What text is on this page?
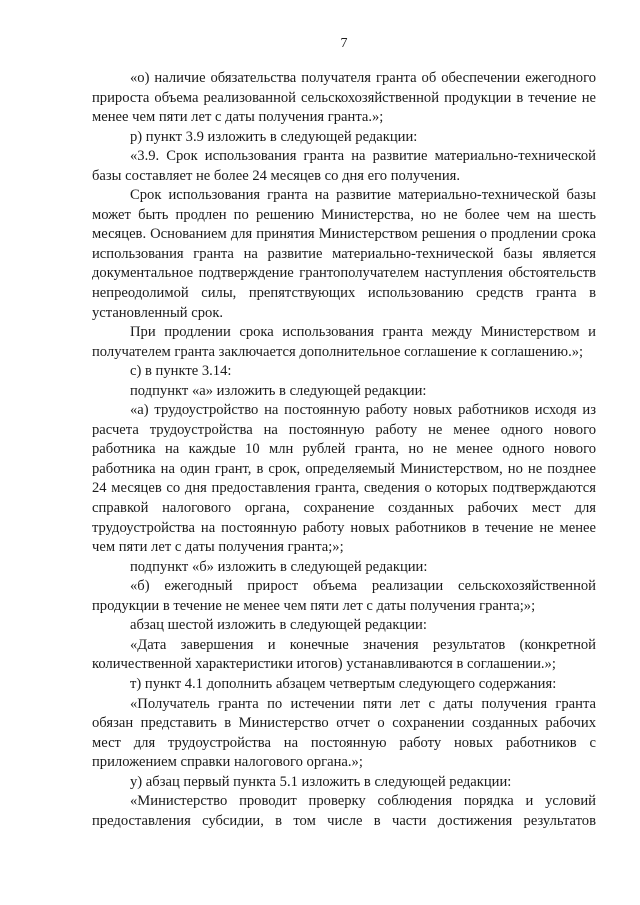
7

«о) наличие обязательства получателя гранта об обеспечении ежегодного прироста объема реализованной сельскохозяйственной продукции в течение не менее чем пяти лет с даты получения гранта.»;

р) пункт 3.9 изложить в следующей редакции:

«3.9. Срок использования гранта на развитие материально-технической базы составляет не более 24 месяцев со дня его получения.

Срок использования гранта на развитие материально-технической базы может быть продлен по решению Министерства, но не более чем на шесть месяцев. Основанием для принятия Министерством решения о продлении срока использования гранта на развитие материально-технической базы является документальное подтверждение грантополучателем наступления обстоятельств непреодолимой силы, препятствующих использованию средств гранта в установленный срок.

При продлении срока использования гранта между Министерством и получателем гранта заключается дополнительное соглашение к соглашению.»;

с) в пункте 3.14:

подпункт «а» изложить в следующей редакции:

«а) трудоустройство на постоянную работу новых работников исходя из расчета трудоустройства на постоянную работу не менее одного нового работника на каждые 10 млн рублей гранта, но не менее одного нового работника на один грант, в срок, определяемый Министерством, но не позднее 24 месяцев со дня предоставления гранта, сведения о которых подтверждаются справкой налогового органа, сохранение созданных рабочих мест для трудоустройства на постоянную работу новых работников в течение не менее чем пяти лет с даты получения гранта;»;

подпункт «б» изложить в следующей редакции:

«б) ежегодный прирост объема реализации сельскохозяйственной продукции в течение не менее чем пяти лет с даты получения гранта;»;

абзац шестой изложить в следующей редакции:

«Дата завершения и конечные значения результатов (конкретной количественной характеристики итогов) устанавливаются в соглашении.»;

т) пункт 4.1 дополнить абзацем четвертым следующего содержания:

«Получатель гранта по истечении пяти лет с даты получения гранта обязан представить в Министерство отчет о сохранении созданных рабочих мест для трудоустройства на постоянную работу новых работников с приложением справки налогового органа.»;

у) абзац первый пункта 5.1 изложить в следующей редакции:

«Министерство проводит проверку соблюдения порядка и условий предоставления субсидии, в том числе в части достижения результатов
